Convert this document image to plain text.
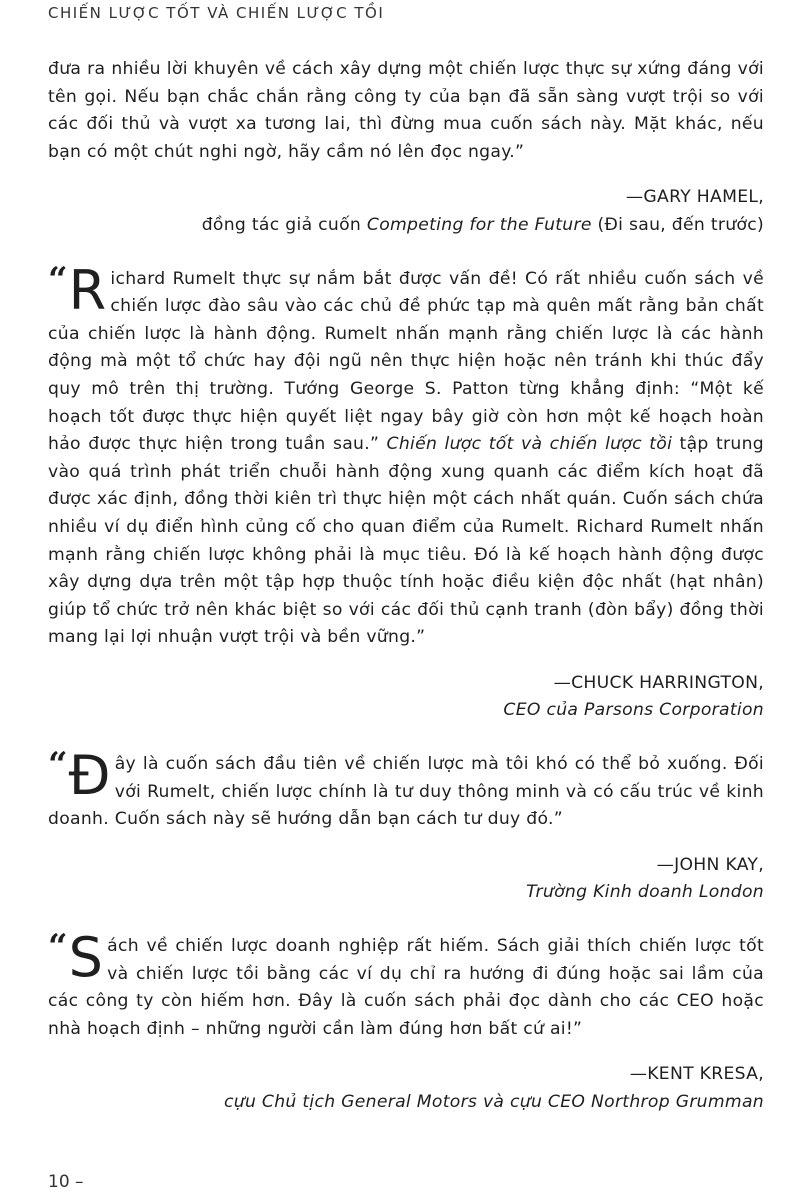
CHIẾN LƯỢC TỐT VÀ CHIẾN LƯỢC TỒI

đưa ra nhiều lời khuyên về cách xây dựng một chiến lược thực sự xứng đáng với tên gọi. Nếu bạn chắc chắn rằng công ty của bạn đã sẵn sàng vượt trội so với các đối thủ và vượt xa tương lai, thì đừng mua cuốn sách này. Mặt khác, nếu bạn có một chút nghi ngờ, hãy cầm nó lên đọc ngay.”

—GARY HAMEL,
đồng tác giả cuốn Competing for the Future (Đi sau, đến trước)

“ R ichard Rumelt thực sự nắm bắt được vấn đề! Có rất nhiều cuốn sách về chiến lược đào sâu vào các chủ đề phức tạp mà quên mất rằng bản chất của chiến lược là hành động. Rumelt nhấn mạnh rằng chiến lược là các hành động mà một tổ chức hay đội ngũ nên thực hiện hoặc nên tránh khi thúc đẩy quy mô trên thị trường. Tướng George S. Patton từng khẳng định: “Một kế hoạch tốt được thực hiện quyết liệt ngay bây giờ còn hơn một kế hoạch hoàn hảo được thực hiện trong tuần sau.” Chiến lược tốt và chiến lược tồi tập trung vào quá trình phát triển chuỗi hành động xung quanh các điểm kích hoạt đã được xác định, đồng thời kiên trì thực hiện một cách nhất quán. Cuốn sách chứa nhiều ví dụ điển hình củng cố cho quan điểm của Rumelt. Richard Rumelt nhấn mạnh rằng chiến lược không phải là mục tiêu. Đó là kế hoạch hành động được xây dựng dựa trên một tập hợp thuộc tính hoặc điều kiện độc nhất (hạt nhân) giúp tổ chức trở nên khác biệt so với các đối thủ cạnh tranh (đòn bẩy) đồng thời mang lại lợi nhuận vượt trội và bền vững.”

—CHUCK HARRINGTON,
CEO của Parsons Corporation

“ Đ ây là cuốn sách đầu tiên về chiến lược mà tôi khó có thể bỏ xuống. Đối với Rumelt, chiến lược chính là tư duy thông minh và có cấu trúc về kinh doanh. Cuốn sách này sẽ hướng dẫn bạn cách tư duy đó.”

—JOHN KAY,
Trường Kinh doanh London

“ S ách về chiến lược doanh nghiệp rất hiếm. Sách giải thích chiến lược tốt và chiến lược tồi bằng các ví dụ chỉ ra hướng đi đúng hoặc sai lầm của các công ty còn hiếm hơn. Đây là cuốn sách phải đọc dành cho các CEO hoặc nhà hoạch định – những người cần làm đúng hơn bất cứ ai!”

—KENT KRESA,
cựu Chủ tịch General Motors và cựu CEO Northrop Grumman
10 –
